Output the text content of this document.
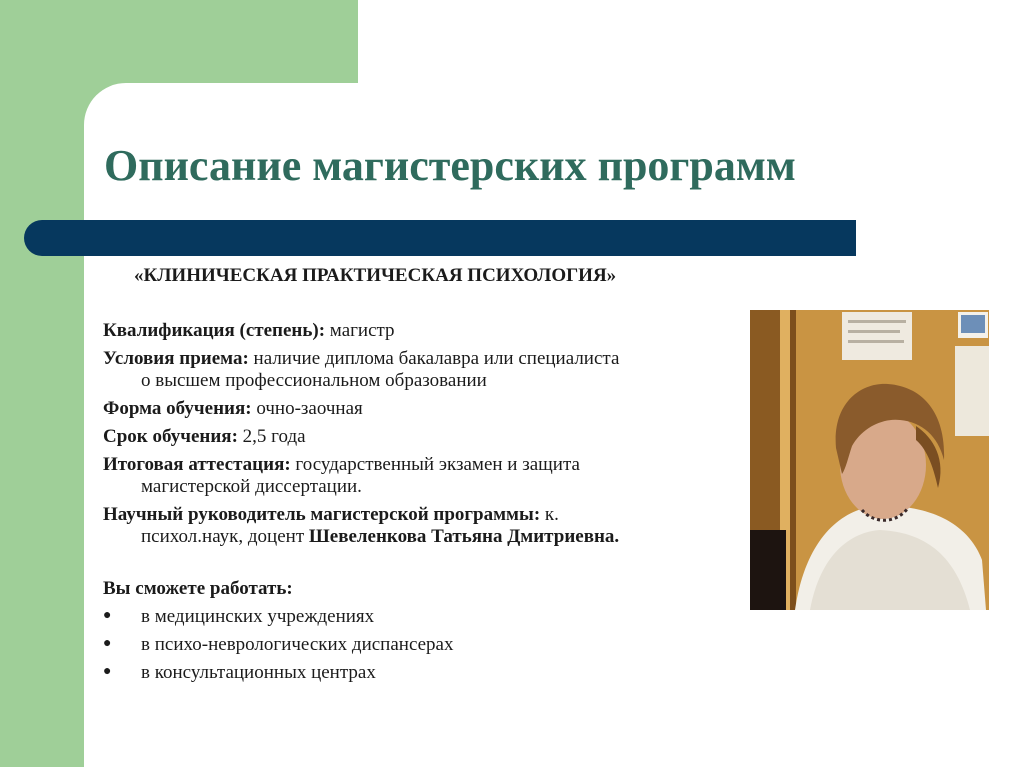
Описание магистерских программ
«КЛИНИЧЕСКАЯ ПРАКТИЧЕСКАЯ ПСИХОЛОГИЯ»
Квалификация (степень): магистр
Условия приема: наличие диплома бакалавра или специалиста
о высшем профессиональном образовании
Форма обучения: очно-заочная
Срок обучения: 2,5 года
Итоговая аттестация: государственный экзамен и защита
магистерской диссертации.
Научный руководитель магистерской программы: к.
психол.наук, доцент Шевеленкова Татьяна Дмитриевна.
Вы сможете работать:
● в медицинских учреждениях
● в психо-неврологических диспансерах
● в консультационных центрах
